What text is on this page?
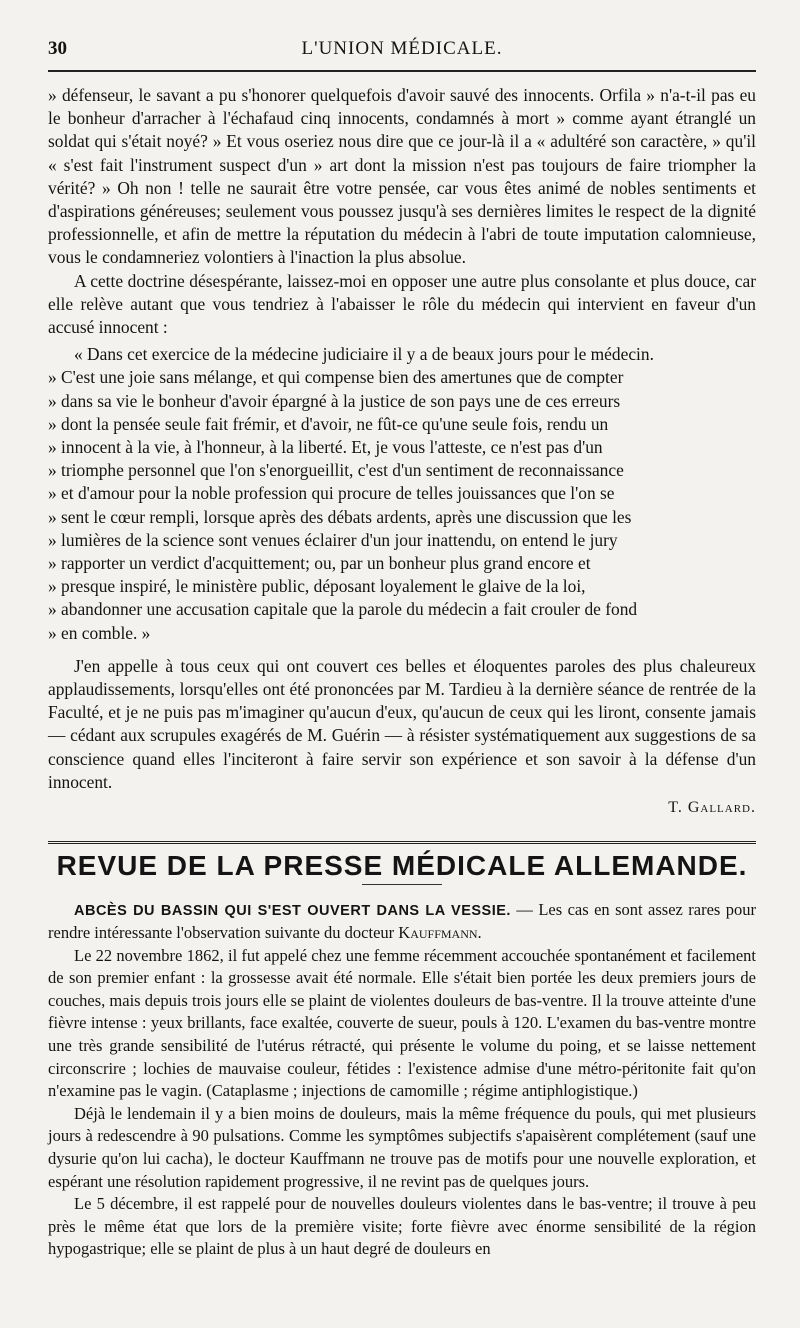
30	L'UNION MÉDICALE.

» défenseur, le savant a pu s'honorer quelquefois d'avoir sauvé des innocents. Orfila » n'a-t-il pas eu le bonheur d'arracher à l'échafaud cinq innocents, condamnés à mort » comme ayant étranglé un soldat qui s'était noyé? » Et vous oseriez nous dire que ce jour-là il a « adultéré son caractère, » qu'il « s'est fait l'instrument suspect d'un » art dont la mission n'est pas toujours de faire triompher la vérité? » Oh non ! telle ne saurait être votre pensée, car vous êtes animé de nobles sentiments et d'aspirations généreuses; seulement vous poussez jusqu'à ses dernières limites le respect de la dignité professionnelle, et afin de mettre la réputation du médecin à l'abri de toute imputation calomnieuse, vous le condamneriez volontiers à l'inaction la plus absolue.

A cette doctrine désespérante, laissez-moi en opposer une autre plus consolante et plus douce, car elle relève autant que vous tendriez à l'abaisser le rôle du médecin qui intervient en faveur d'un accusé innocent :

« Dans cet exercice de la médecine judiciaire il y a de beaux jours pour le médecin.

» C'est une joie sans mélange, et qui compense bien des amertunes que de compter

» dans sa vie le bonheur d'avoir épargné à la justice de son pays une de ces erreurs

» dont la pensée seule fait frémir, et d'avoir, ne fût-ce qu'une seule fois, rendu un

» innocent à la vie, à l'honneur, à la liberté. Et, je vous l'atteste, ce n'est pas d'un

» triomphe personnel que l'on s'enorgueillit, c'est d'un sentiment de reconnaissance

» et d'amour pour la noble profession qui procure de telles jouissances que l'on se

» sent le cœur rempli, lorsque après des débats ardents, après une discussion que les

» lumières de la science sont venues éclairer d'un jour inattendu, on entend le jury

» rapporter un verdict d'acquittement; ou, par un bonheur plus grand encore et

» presque inspiré, le ministère public, déposant loyalement le glaive de la loi,

» abandonner une accusation capitale que la parole du médecin a fait crouler de fond

» en comble. »

J'en appelle à tous ceux qui ont couvert ces belles et éloquentes paroles des plus chaleureux applaudissements, lorsqu'elles ont été prononcées par M. Tardieu à la dernière séance de rentrée de la Faculté, et je ne puis pas m'imaginer qu'aucun d'eux, qu'aucun de ceux qui les liront, consente jamais — cédant aux scrupules exagérés de M. Guérin — à résister systématiquement aux suggestions de sa conscience quand elles l'inciteront à faire servir son expérience et son savoir à la défense d'un innocent.

T. Gallard.
REVUE DE LA PRESSE MÉDICALE ALLEMANDE.

ABCÈS DU BASSIN QUI S'EST OUVERT DANS LA VESSIE. — Les cas en sont assez rares pour rendre intéressante l'observation suivante du docteur Kauffmann.

Le 22 novembre 1862, il fut appelé chez une femme récemment accouchée spontanément et facilement de son premier enfant : la grossesse avait été normale. Elle s'était bien portée les deux premiers jours de couches, mais depuis trois jours elle se plaint de violentes douleurs de bas-ventre. Il la trouve atteinte d'une fièvre intense : yeux brillants, face exaltée, couverte de sueur, pouls à 120. L'examen du bas-ventre montre une très grande sensibilité de l'utérus rétracté, qui présente le volume du poing, et se laisse nettement circonscrire ; lochies de mauvaise couleur, fétides : l'existence admise d'une métro-péritonite fait qu'on n'examine pas le vagin. (Cataplasme ; injections de camomille ; régime antiphlogistique.)

Déjà le lendemain il y a bien moins de douleurs, mais la même fréquence du pouls, qui met plusieurs jours à redescendre à 90 pulsations. Comme les symptômes subjectifs s'apaisèrent complétement (sauf une dysurie qu'on lui cacha), le docteur Kauffmann ne trouve pas de motifs pour une nouvelle exploration, et espérant une résolution rapidement progressive, il ne revint pas de quelques jours.

Le 5 décembre, il est rappelé pour de nouvelles douleurs violentes dans le bas-ventre; il trouve à peu près le même état que lors de la première visite; forte fièvre avec énorme sensibilité de la région hypogastrique; elle se plaint de plus à un haut degré de douleurs en
